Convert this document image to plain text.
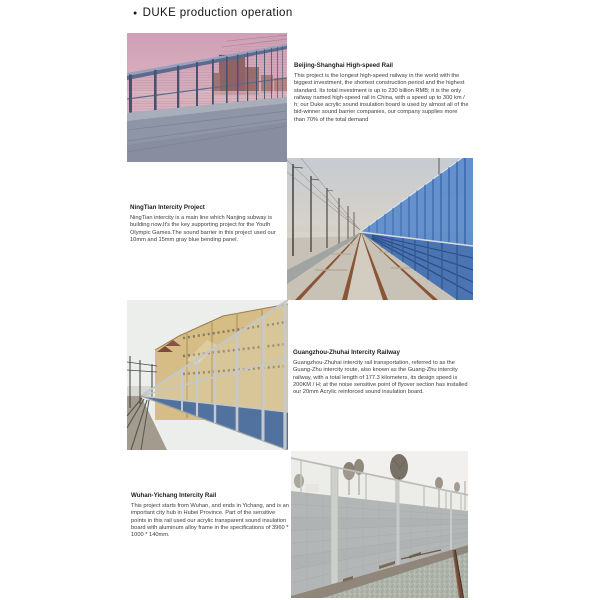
● DUKE production operation
Beijing-Shanghai High-speed Rail

This project is the longest high-speed railway in the world with the biggest investment, the shortest construction period and the highest standard. Its total investment is up to 230 billion RMB; it is the only railway named high-speed rail in China, with a speed up to 300 km / h; our Duke acrylic sound insulation board is used by almost all of the bid-winner sound barrier companies, our company supplies more than 70% of the total demand

NingTian Intercity Project

NingTian intercity is a main line which Nanjing subway is building now.It's the key supporting project for the Youth Olympic Games.The sound barrier in this project used our 10mm and 15mm gray blue bending panel.

Guangzhou-Zhuhai Intercity Railway

Guangzhou-Zhuhai intercity rail transportation, referred to as the Guang-Zhu intercity route, also known as the Guang-Zhu intercity railway, with a total length of 177.3 kilometers, its design speed is 200KM / H; at the noise sensitive point of flyover section has installed our 20mm Acrylic reinforced sound insulation board.

Wuhan-Yichang Intercity Rail

This project starts from Wuhan, and ends in Yichang, and is an important city hub in Hubei Province. Part of the sensitive points in this rail used our acrylic transparent sound insulation board with aluminum alloy frame in the specifications of 3960 * 1000 * 140mm.
